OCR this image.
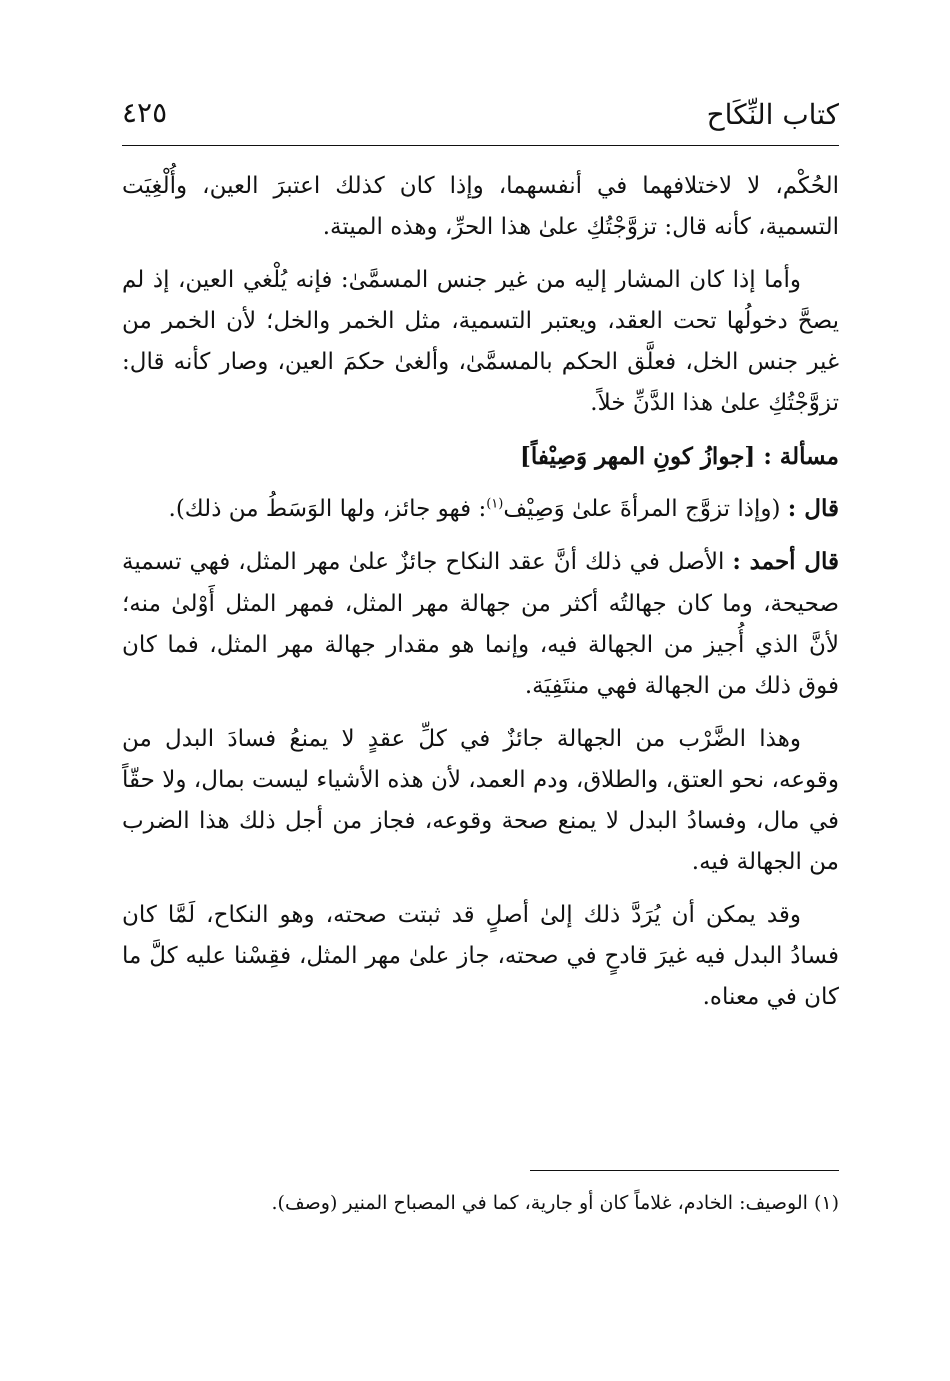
كتاب النِّكَاح
٤٢٥

الحُكْم، لا لاختلافهما في أنفسهما، وإذا كان كذلك اعتبرَ العين، وأُلْغِيَت التسمية، كأنه قال: تزوَّجْتُكِ علىٰ هذا الحرِّ، وهذه الميتة.

وأما إذا كان المشار إليه من غير جنس المسمَّىٰ: فإنه يُلْغي العين، إذ لم يصحَّ دخولُها تحت العقد، ويعتبر التسمية، مثل الخمر والخل؛ لأن الخمر من غير جنس الخل، فعلَّق الحكم بالمسمَّىٰ، وألغىٰ حكمَ العين، وصار كأنه قال: تزوَّجْتُكِ علىٰ هذا الدَّنِّ خلاً.

مسألة : [جوازُ كونِ المهر وَصِيْفاً]

قال : (وإذا تزوَّج المرأةَ علىٰ وَصِيْف$^{(١)}$: فهو جائز، ولها الوَسَطُ من ذلك).

قال أحمد : الأصل في ذلك أنَّ عقد النكاح جائزٌ علىٰ مهر المثل، فهي تسمية صحيحة، وما كان جهالتُه أكثر من جهالة مهر المثل، فمهر المثل أَوْلىٰ منه؛ لأنَّ الذي أُجيز من الجهالة فيه، وإنما هو مقدار جهالة مهر المثل، فما كان فوق ذلك من الجهالة فهي منتَفِيَة.

وهذا الضَّرْب من الجهالة جائزٌ في كلِّ عقدٍ لا يمنعُ فسادَ البدل من وقوعه، نحو العتق، والطلاق، ودم العمد، لأن هذه الأشياء ليست بمال، ولا حقّاً في مال، وفسادُ البدل لا يمنع صحة وقوعه، فجاز من أجل ذلك هذا الضرب من الجهالة فيه.

وقد يمكن أن يُرَدَّ ذلك إلىٰ أصلٍ قد ثبتت صحته، وهو النكاح، لَمَّا كان فسادُ البدل فيه غيرَ قادحٍ في صحته، جاز علىٰ مهر المثل، فقِسْنا عليه كلَّ ما كان في معناه.

(١) الوصيف: الخادم، غلاماً كان أو جارية، كما في المصباح المنير (وصف).
